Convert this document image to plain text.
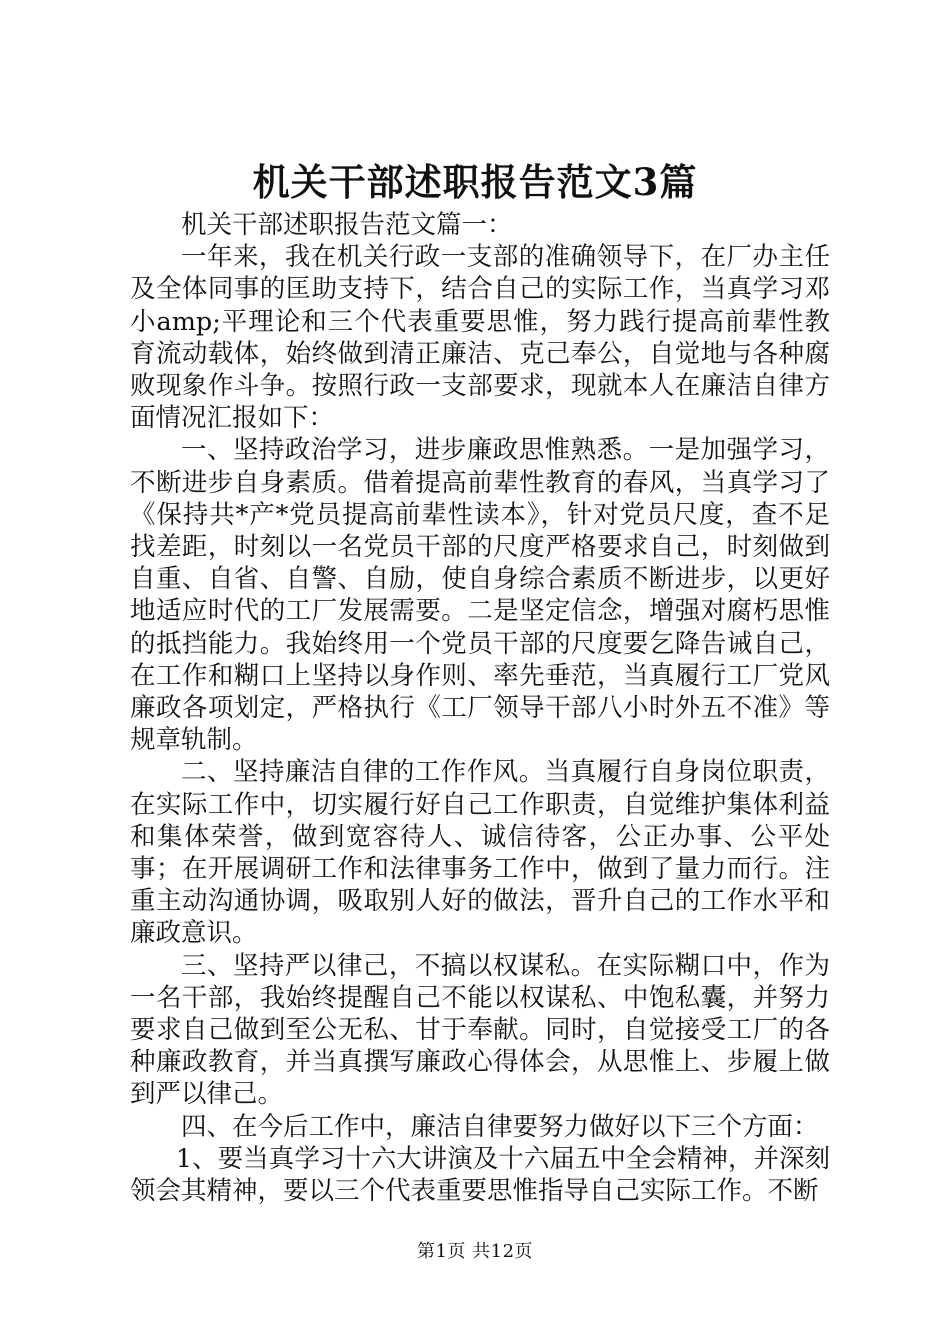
机关干部述职报告范文3篇

机关干部述职报告范文篇一：

一年来，我在机关行政一支部的准确领导下，在厂办主任及全体同事的匡助支持下，结合自己的实际工作，当真学习邓小amp;平理论和三个代表重要思惟，努力践行提高前辈性教育流动载体，始终做到清正廉洁、克己奉公，自觉地与各种腐败现象作斗争。按照行政一支部要求，现就本人在廉洁自律方面情况汇报如下：

一、坚持政治学习，进步廉政思惟熟悉。一是加强学习，不断进步自身素质。借着提高前辈性教育的春风，当真学习了《保持共*产*党员提高前辈性读本》，针对党员尺度，查不足找差距，时刻以一名党员干部的尺度严格要求自己，时刻做到自重、自省、自警、自励，使自身综合素质不断进步，以更好地适应时代的工厂发展需要。二是坚定信念，增强对腐朽思惟的抵挡能力。我始终用一个党员干部的尺度要乞降告诫自己，在工作和糊口上坚持以身作则、率先垂范，当真履行工厂党风廉政各项划定，严格执行《工厂领导干部八小时外五不准》等规章轨制。

二、坚持廉洁自律的工作作风。当真履行自身岗位职责，在实际工作中，切实履行好自己工作职责，自觉维护集体利益和集体荣誉，做到宽容待人、诚信待客，公正办事、公平处事；在开展调研工作和法律事务工作中，做到了量力而行。注重主动沟通协调，吸取别人好的做法，晋升自己的工作水平和廉政意识。

三、坚持严以律己，不搞以权谋私。在实际糊口中，作为一名干部，我始终提醒自己不能以权谋私、中饱私囊，并努力要求自己做到至公无私、甘于奉献。同时，自觉接受工厂的各种廉政教育，并当真撰写廉政心得体会，从思惟上、步履上做到严以律己。

四、在今后工作中，廉洁自律要努力做好以下三个方面：

1、要当真学习十六大讲演及十六届五中全会精神，并深刻领会其精神，要以三个代表重要思惟指导自己实际工作。不断

第1页 共12页
